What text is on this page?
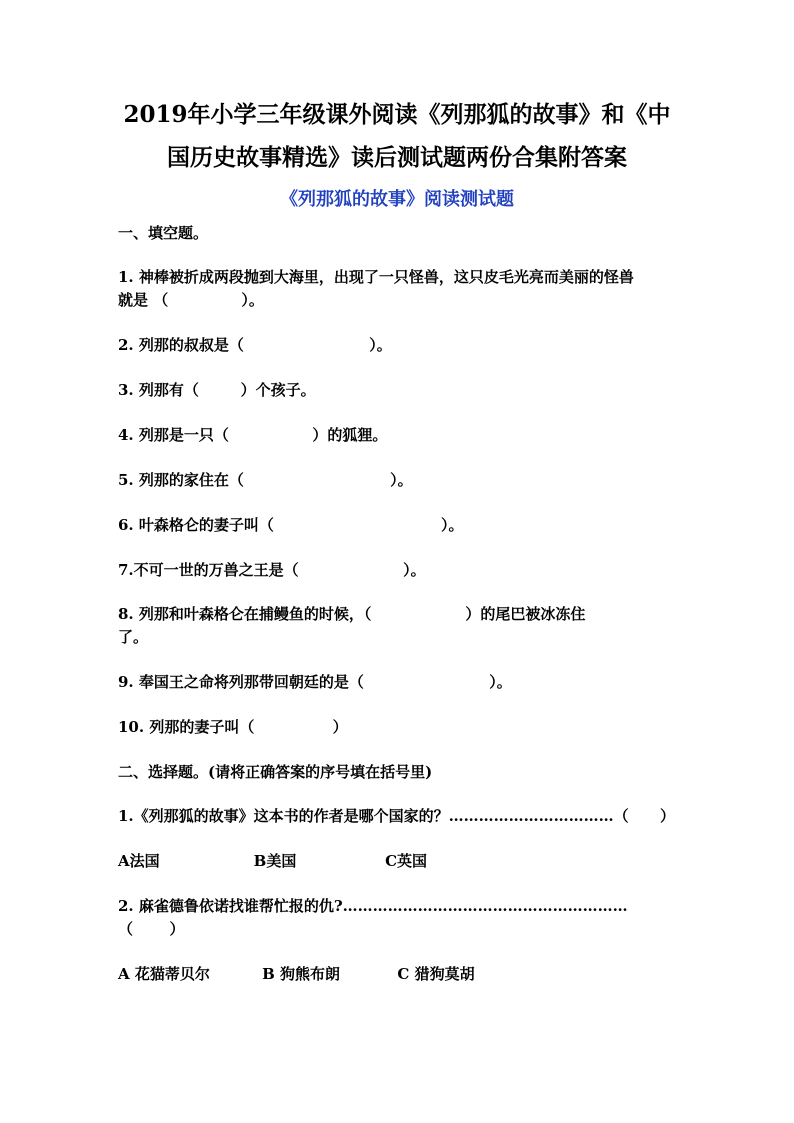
2019年小学三年级课外阅读《列那狐的故事》和《中
国历史故事精选》读后测试题两份合集附答案
《列那狐的故事》阅读测试题

一、填空题。

1. 神棒被折成两段抛到大海里，出现了一只怪兽，这只皮毛光亮而美丽的怪兽

就是 （              ）。

2. 列那的叔叔是（                        ）。

3. 列那有（        ）个孩子。

4. 列那是一只（                ）的狐狸。

5. 列那的家住在（                            ）。

6. 叶森格仑的妻子叫（                                ）。

7.不可一世的万兽之王是（                    ）。

8. 列那和叶森格仑在捕鳗鱼的时候，（                  ）的尾巴被冰冻住

了。

9. 奉国王之命将列那带回朝廷的是（                        ）。

10. 列那的妻子叫（               ）

二、选择题。(请将正确答案的序号填在括号里)

1.《列那狐的故事》这本书的作者是哪个国家的？……………………………（      ）

A法国                  B美国                 C英国

2. 麻雀德鲁依诺找谁帮忙报的仇?…………………………………………………

（       ）

A 花猫蒂贝尔          B 狗熊布朗           C 猎狗莫胡
